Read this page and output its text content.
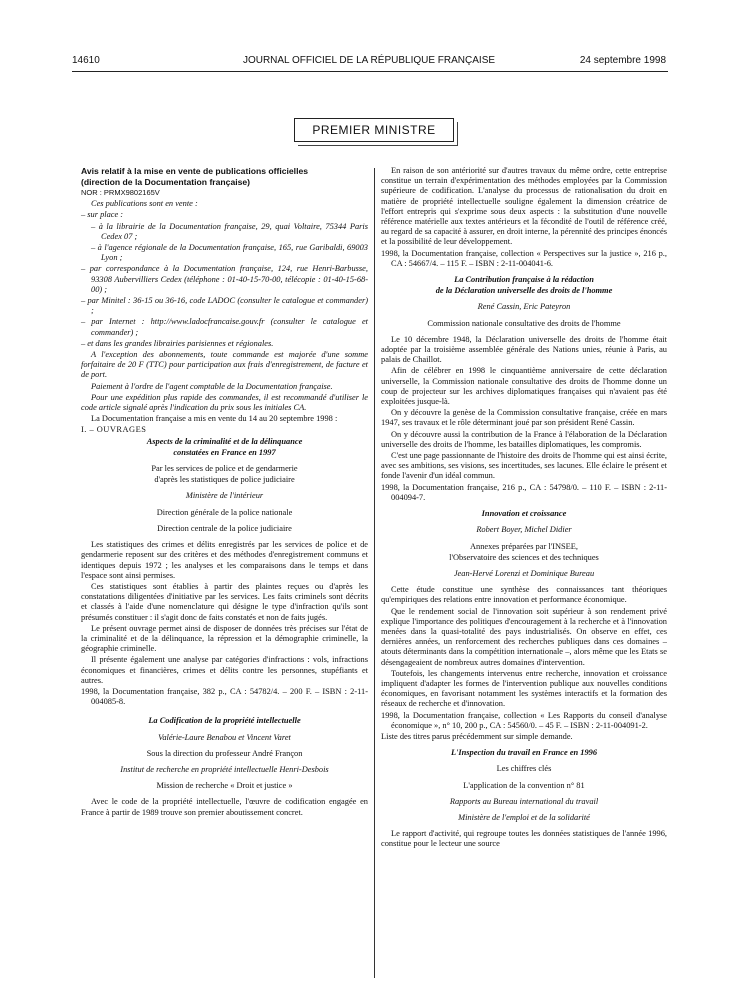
14610	JOURNAL OFFICIEL DE LA RÉPUBLIQUE FRANÇAISE	24 septembre 1998
PREMIER MINISTRE

Avis relatif à la mise en vente de publications officielles

(direction de la Documentation française)

NOR : PRMX9802165V

Ces publications sont en vente :

– sur place :

– à la librairie de la Documentation française, 29, quai Voltaire, 75344 Paris Cedex 07 ;

– à l'agence régionale de la Documentation française, 165, rue Garibaldi, 69003 Lyon ;

– par correspondance à la Documentation française, 124, rue Henri-Barbusse, 93308 Aubervilliers Cedex (téléphone : 01-40-15-70-00, télécopie : 01-40-15-68-00) ;

– par Minitel : 36-15 ou 36-16, code LADOC (consulter le catalogue et commander) ;

– par Internet : http://www.ladocfrancaise.gouv.fr (consulter le catalogue et commander) ;

– et dans les grandes librairies parisiennes et régionales.

A l'exception des abonnements, toute commande est majorée d'une somme forfaitaire de 20 F (TTC) pour participation aux frais d'enregistrement, de facture et de port.

Paiement à l'ordre de l'agent comptable de la Documentation française.

Pour une expédition plus rapide des commandes, il est recommandé d'utiliser le code article signalé après l'indication du prix sous les initiales CA.

La Documentation française a mis en vente du 14 au 20 septembre 1998 :

I. – OUVRAGES

Aspects de la criminalité et de la délinquance

constatées en France en 1997

Par les services de police et de gendarmerie

d'après les statistiques de police judiciaire

Ministère de l'intérieur

Direction générale de la police nationale

Direction centrale de la police judiciaire

Les statistiques des crimes et délits enregistrés par les services de police et de gendarmerie reposent sur des critères et des méthodes d'enregistrement communs et identiques depuis 1972 ; les analyses et les comparaisons dans le temps et dans l'espace sont ainsi permises.

Ces statistiques sont établies à partir des plaintes reçues ou d'après les constatations diligentées d'initiative par les services. Les faits criminels sont décrits et classés à l'aide d'une nomenclature qui désigne le type d'infraction qu'ils sont présumés constituer : il s'agit donc de faits constatés et non de faits jugés.

Le présent ouvrage permet ainsi de disposer de données très précises sur l'état de la criminalité et de la délinquance, la répression et la démographie criminelle, la géographie criminelle.

Il présente également une analyse par catégories d'infractions : vols, infractions économiques et financières, crimes et délits contre les personnes, stupéfiants et autres.

1998, la Documentation française, 382 p., CA : 54782/4. – 200 F. – ISBN : 2-11-004085-8.

La Codification de la propriété intellectuelle

Valérie-Laure Benabou et Vincent Varet

Sous la direction du professeur André Françon

Institut de recherche en propriété intellectuelle Henri-Desbois

Mission de recherche « Droit et justice »

Avec le code de la propriété intellectuelle, l'œuvre de codification engagée en France à partir de 1989 trouve son premier aboutissement concret.

En raison de son antériorité sur d'autres travaux du même ordre, cette entreprise constitue un terrain d'expérimentation des méthodes employées par la Commission supérieure de codification. L'analyse du processus de rationalisation du droit en matière de propriété intellectuelle souligne également la dimension créatrice de l'effort entrepris qui s'exprime sous deux aspects : la substitution d'une nouvelle référence matérielle aux textes antérieurs et la fécondité de l'outil de référence créé, au regard de sa capacité à assurer, en droit interne, la pérennité des principes énoncés et la possibilité de leur développement.

1998, la Documentation française, collection « Perspectives sur la justice », 216 p., CA : 54667/4. – 115 F. – ISBN : 2-11-004041-6.

La Contribution française à la rédaction

de la Déclaration universelle des droits de l'homme

René Cassin, Eric Pateyron

Commission nationale consultative des droits de l'homme

Le 10 décembre 1948, la Déclaration universelle des droits de l'homme était adoptée par la troisième assemblée générale des Nations unies, réunie à Paris, au palais de Chaillot.

Afin de célébrer en 1998 le cinquantième anniversaire de cette déclaration universelle, la Commission nationale consultative des droits de l'homme donne un coup de projecteur sur les archives diplomatiques françaises qui n'avaient pas été exploitées jusque-là.

On y découvre la genèse de la Commission consultative française, créée en mars 1947, ses travaux et le rôle déterminant joué par son président René Cassin.

On y découvre aussi la contribution de la France à l'élaboration de la Déclaration universelle des droits de l'homme, les batailles diplomatiques, les compromis.

C'est une page passionnante de l'histoire des droits de l'homme qui est ainsi écrite, avec ses ambitions, ses visions, ses incertitudes, ses lacunes. Elle éclaire le présent et fonde l'avenir d'un idéal commun.

1998, la Documentation française, 216 p., CA : 54798/0. – 110 F. – ISBN : 2-11-004094-7.

Innovation et croissance

Robert Boyer, Michel Didier

Annexes préparées par l'INSEE,

l'Observatoire des sciences et des techniques

Jean-Hervé Lorenzi et Dominique Bureau

Cette étude constitue une synthèse des connaissances tant théoriques qu'empiriques des relations entre innovation et performance économique.

Que le rendement social de l'innovation soit supérieur à son rendement privé explique l'importance des politiques d'encouragement à la recherche et à l'innovation menées dans la quasi-totalité des pays industrialisés. On observe en effet, ces dernières années, un renforcement des recherches publiques dans ces domaines – atouts déterminants dans la compétition internationale –, alors même que les Etats se désengageaient de nombreux autres domaines d'intervention.

Toutefois, les changements intervenus entre recherche, innovation et croissance impliquent d'adapter les formes de l'intervention publique aux nouvelles conditions économiques, en favorisant notamment les systèmes interactifs et la formation des réseaux de recherche et d'innovation.

1998, la Documentation française, collection « Les Rapports du conseil d'analyse économique », n° 10, 200 p., CA : 54560/0. – 45 F. – ISBN : 2-11-004091-2.

Liste des titres parus précédemment sur simple demande.

L'Inspection du travail en France en 1996

Les chiffres clés

L'application de la convention n° 81

Rapports au Bureau international du travail

Ministère de l'emploi et de la solidarité

Le rapport d'activité, qui regroupe toutes les données statistiques de l'année 1996, constitue pour le lecteur une source
